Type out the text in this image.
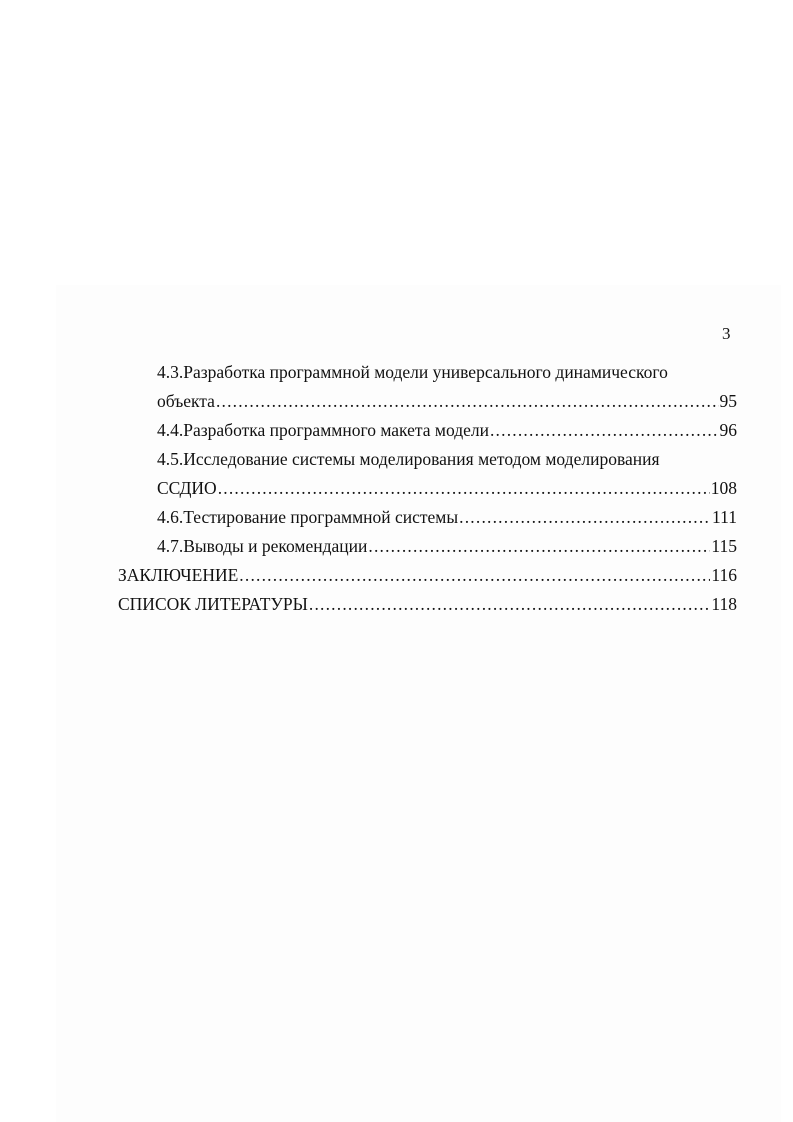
3
4.3.Разработка программной модели универсального динамического
объекта .....	95
4.4.Разработка программного макета модели .....	96
4.5.Исследование системы моделирования методом моделирования
ССДИО .....	108
4.6.Тестирование программной системы .....	111
4.7.Выводы и рекомендации .....	115
ЗАКЛЮЧЕНИЕ .....	116
СПИСОК ЛИТЕРАТУРЫ .....	118
